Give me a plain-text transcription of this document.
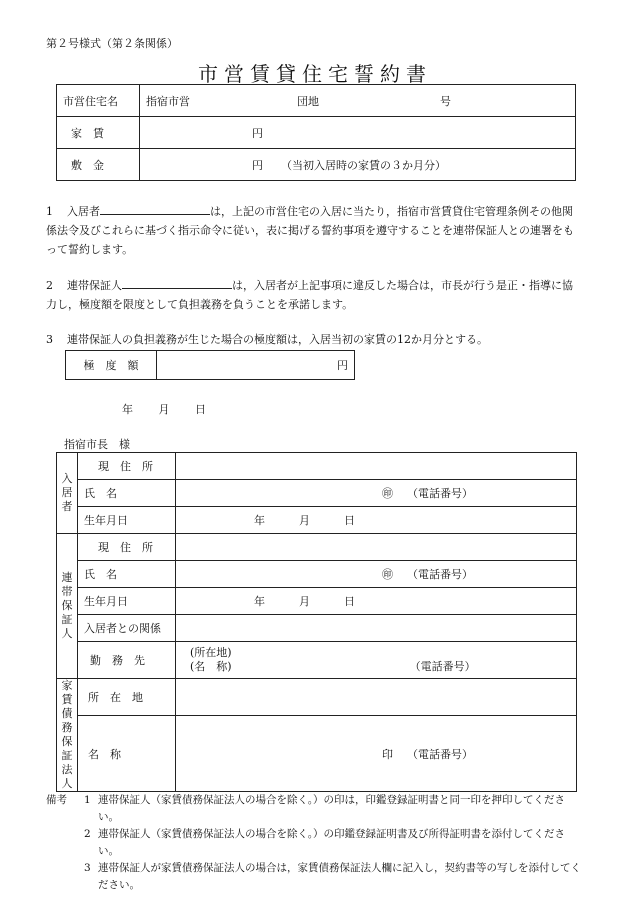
第２号様式（第２条関係）
市営賃貸住宅誓約書
市営住宅名	指宿市営 団地 号
家　賃	円
敷　金	円 （当初入居時の家賃の３か月分）
1 入居者	は，上記の市営住宅の入居に当たり，指宿市営賃貸住宅管理条例その他関係法令及びこれらに基づく指示命令に従い，表に掲げる誓約事項を遵守することを連帯保証人との連署をもって誓約します。
2 連帯保証人	は，入居者が上記事項に違反した場合は，市長が行う是正・指導に協力し，極度額を限度として負担義務を負うことを承諾します。
3 連帯保証人の負担義務が生じた場合の極度額は，入居当初の家賃の12か月分とする。
極　度　額	円
年 月 日
指宿市長　様
入居者	現　住　所	
	氏　名	㊞ （電話番号）
	生年月日	年 月 日
連帯保証人	現　住　所	
	氏　名	㊞ （電話番号）
	生年月日	年 月 日
	入居者との関係	
	勤　務　先	(所在地)
(名　称) （電話番号）

家賃債務保証法人	所　在　地	
	名　称	印 （電話番号）
備考	1 連帯保証人（家賃債務保証法人の場合を除く。）の印は，印鑑登録証明書と同一印を押印してください。
2 連帯保証人（家賃債務保証法人の場合を除く。）の印鑑登録証明書及び所得証明書を添付してください。
3 連帯保証人が家賃債務保証法人の場合は，家賃債務保証法人欄に記入し，契約書等の写しを添付してください。
